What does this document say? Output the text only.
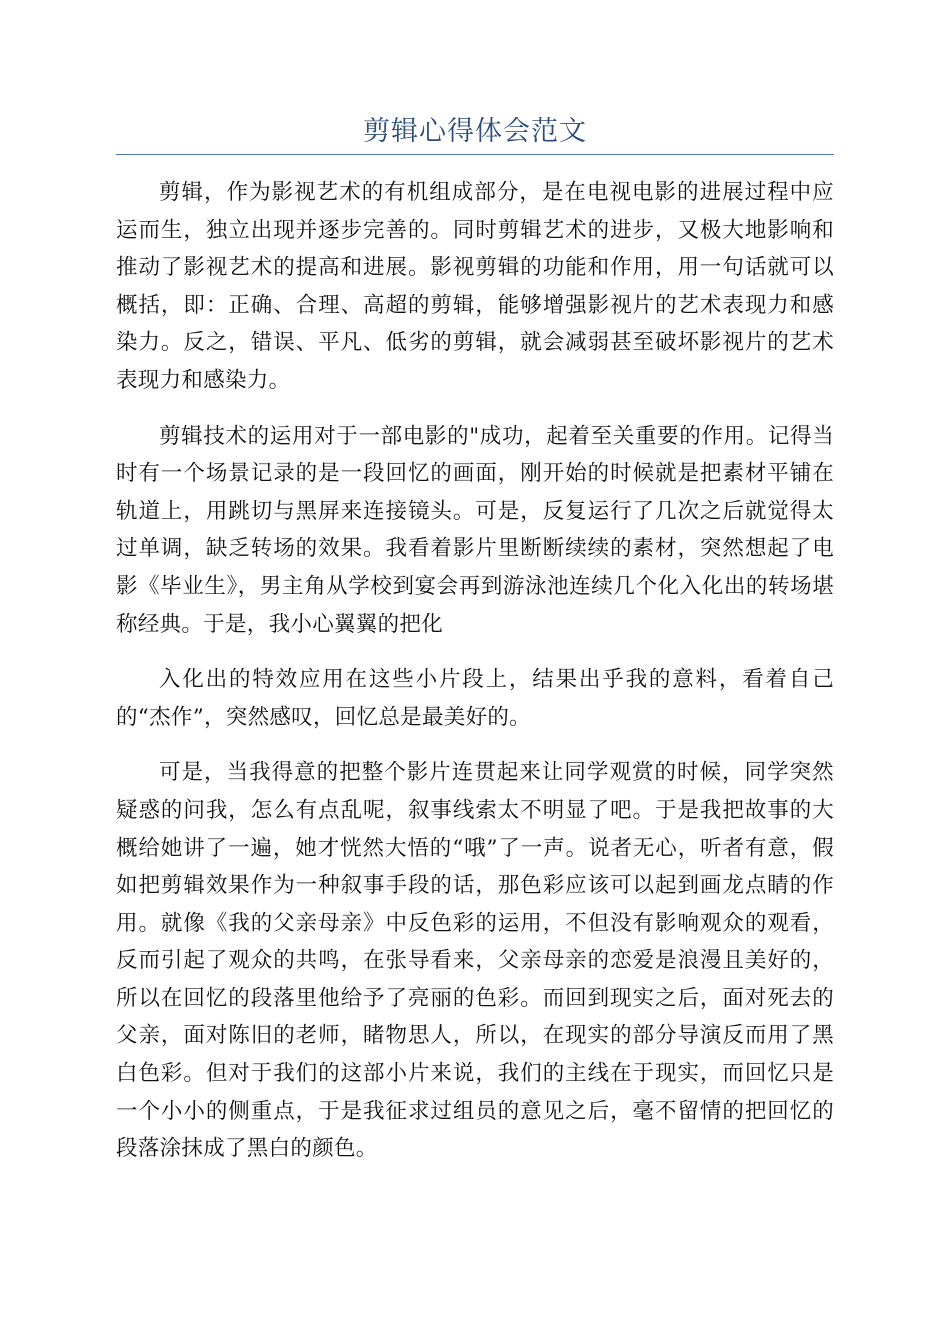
剪辑心得体会范文

剪辑，作为影视艺术的有机组成部分，是在电视电影的进展过程中应运而生，独立出现并逐步完善的。同时剪辑艺术的进步，又极大地影响和推动了影视艺术的提高和进展。影视剪辑的功能和作用，用一句话就可以概括，即：正确、合理、高超的剪辑，能够增强影视片的艺术表现力和感染力。反之，错误、平凡、低劣的剪辑，就会减弱甚至破坏影视片的艺术表现力和感染力。

剪辑技术的运用对于一部电影的"成功，起着至关重要的作用。记得当时有一个场景记录的是一段回忆的画面，刚开始的时候就是把素材平铺在轨道上，用跳切与黑屏来连接镜头。可是，反复运行了几次之后就觉得太过单调，缺乏转场的效果。我看着影片里断断续续的素材，突然想起了电影《毕业生》，男主角从学校到宴会再到游泳池连续几个化入化出的转场堪称经典。于是，我小心翼翼的把化

入化出的特效应用在这些小片段上，结果出乎我的意料，看着自己的“杰作”，突然感叹，回忆总是最美好的。

可是，当我得意的把整个影片连贯起来让同学观赏的时候，同学突然疑惑的问我，怎么有点乱呢，叙事线索太不明显了吧。于是我把故事的大概给她讲了一遍，她才恍然大悟的“哦”了一声。说者无心，听者有意，假如把剪辑效果作为一种叙事手段的话，那色彩应该可以起到画龙点睛的作用。就像《我的父亲母亲》中反色彩的运用，不但没有影响观众的观看，反而引起了观众的共鸣，在张导看来，父亲母亲的恋爱是浪漫且美好的，所以在回忆的段落里他给予了亮丽的色彩。而回到现实之后，面对死去的父亲，面对陈旧的老师，睹物思人，所以，在现实的部分导演反而用了黑白色彩。但对于我们的这部小片来说，我们的主线在于现实，而回忆只是一个小小的侧重点，于是我征求过组员的意见之后，毫不留情的把回忆的段落涂抹成了黑白的颜色。
